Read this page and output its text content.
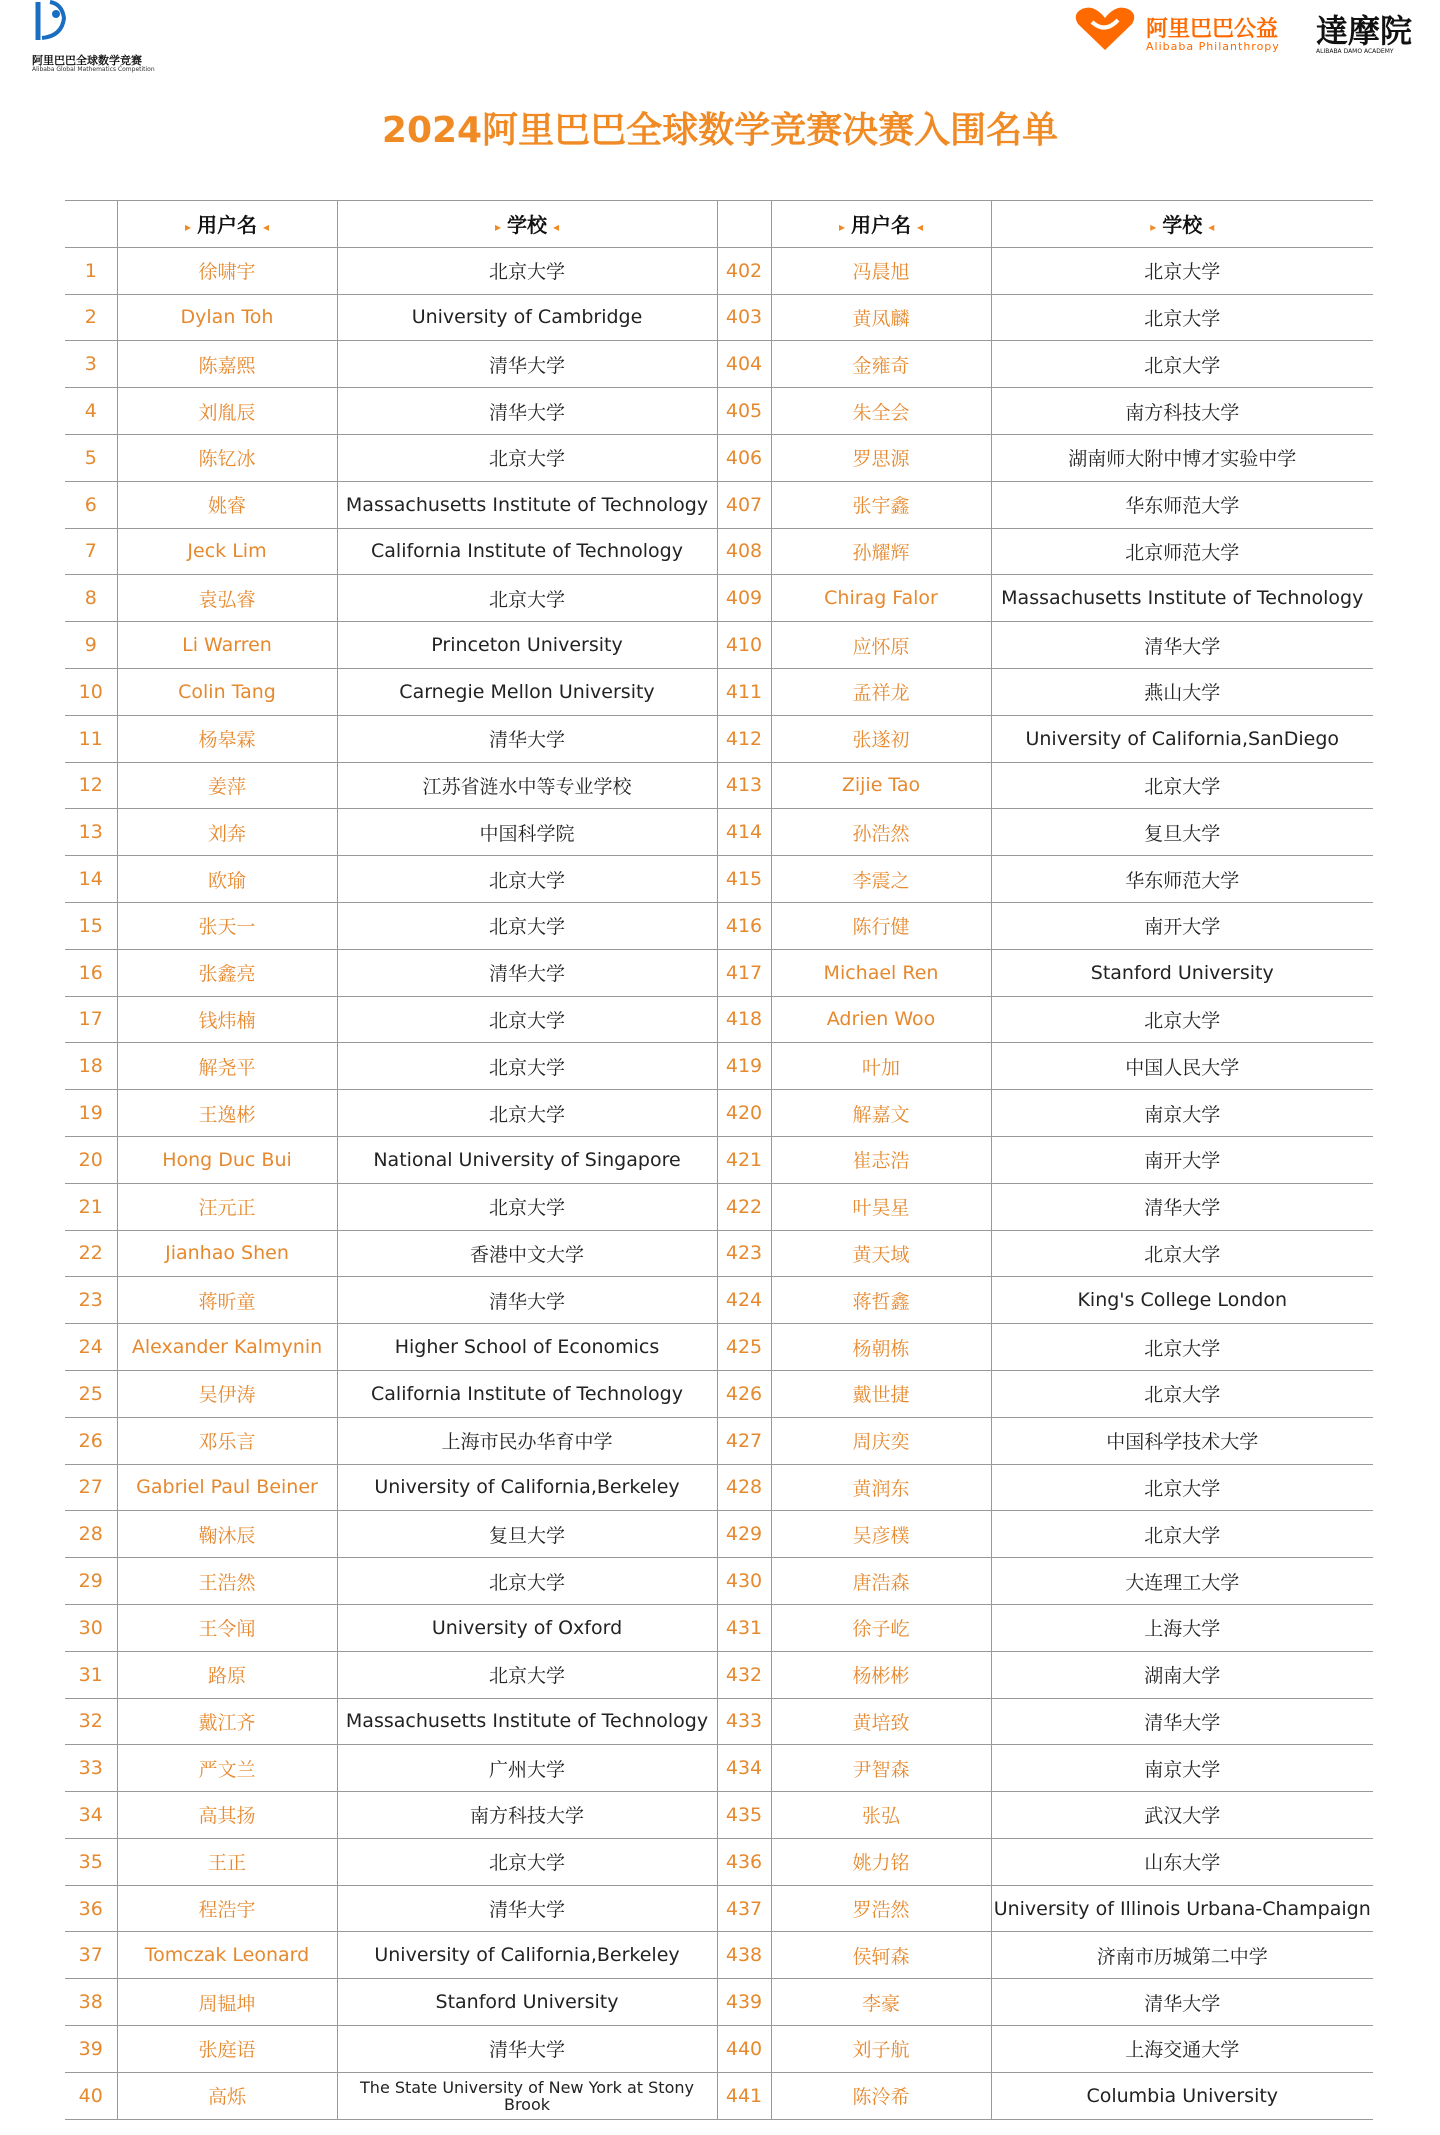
阿里巴巴全球数学竞赛
Alibaba Global Mathematics Competition
阿里巴巴公益
Alibaba Philanthropy 達摩院
ALIBABA DAMO ACADEMY
2024阿里巴巴全球数学竞赛决赛入围名单
	▸ 用户名 ◂	▸ 学校 ◂		▸ 用户名 ◂	▸ 学校 ◂
1	徐啸宇	北京大学	402	冯晨旭	北京大学
2	Dylan Toh	University of Cambridge	403	黄凤麟	北京大学
3	陈嘉熙	清华大学	404	金雍奇	北京大学
4	刘胤辰	清华大学	405	朱全会	南方科技大学
5	陈钇冰	北京大学	406	罗思源	湖南师大附中博才实验中学
6	姚睿	Massachusetts Institute of Technology	407	张宇鑫	华东师范大学
7	Jeck Lim	California Institute of Technology	408	孙耀辉	北京师范大学
8	袁弘睿	北京大学	409	Chirag Falor	Massachusetts Institute of Technology
9	Li Warren	Princeton University	410	应怀原	清华大学
10	Colin Tang	Carnegie Mellon University	411	孟祥龙	燕山大学
11	杨皋霖	清华大学	412	张遂初	University of California,SanDiego
12	姜萍	江苏省涟水中等专业学校	413	Zijie Tao	北京大学
13	刘奔	中国科学院	414	孙浩然	复旦大学
14	欧瑜	北京大学	415	李震之	华东师范大学
15	张天一	北京大学	416	陈行健	南开大学
16	张鑫亮	清华大学	417	Michael Ren	Stanford University
17	钱炜楠	北京大学	418	Adrien Woo	北京大学
18	解尧平	北京大学	419	叶加	中国人民大学
19	王逸彬	北京大学	420	解嘉文	南京大学
20	Hong Duc Bui	National University of Singapore	421	崔志浩	南开大学
21	汪元正	北京大学	422	叶昊星	清华大学
22	Jianhao Shen	香港中文大学	423	黄天域	北京大学
23	蒋昕童	清华大学	424	蒋哲鑫	King's College London
24	Alexander Kalmynin	Higher School of Economics	425	杨朝栋	北京大学
25	吴伊涛	California Institute of Technology	426	戴世捷	北京大学
26	邓乐言	上海市民办华育中学	427	周庆奕	中国科学技术大学
27	Gabriel Paul Beiner	University of California,Berkeley	428	黄润东	北京大学
28	鞠沐辰	复旦大学	429	吴彦樸	北京大学
29	王浩然	北京大学	430	唐浩森	大连理工大学
30	王令闻	University of Oxford	431	徐子屹	上海大学
31	路原	北京大学	432	杨彬彬	湖南大学
32	戴江齐	Massachusetts Institute of Technology	433	黄培致	清华大学
33	严文兰	广州大学	434	尹智森	南京大学
34	高其扬	南方科技大学	435	张弘	武汉大学
35	王正	北京大学	436	姚力铭	山东大学
36	程浩宇	清华大学	437	罗浩然	University of Illinois Urbana-Champaign
37	Tomczak Leonard	University of California,Berkeley	438	侯轲森	济南市历城第二中学
38	周韫坤	Stanford University	439	李豪	清华大学
39	张庭语	清华大学	440	刘子航	上海交通大学
40	高烁	The State University of New York at Stony Brook	441	陈泠希	Columbia University
